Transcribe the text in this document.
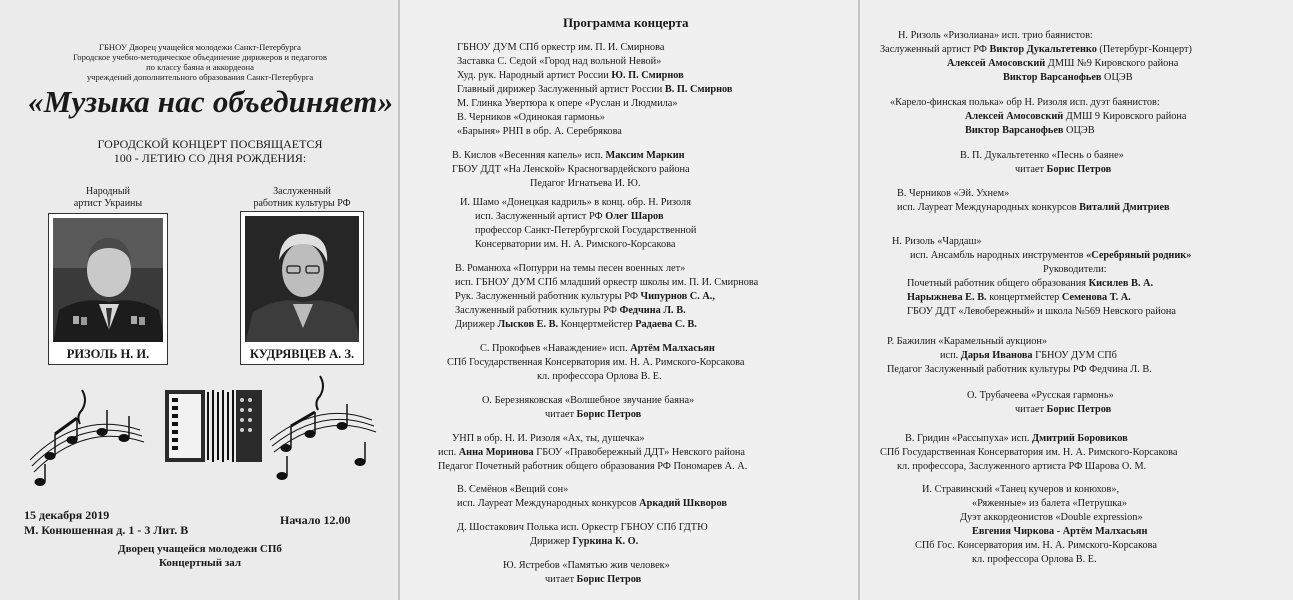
ГБНОУ Дворец учащейся молодежи Санкт-Петербурга
Городское учебно-методическое объединение дирижеров и педагогов
по классу баяна и аккордеона
учреждений дополнительного образования Санкт-Петербурга
«Музыка нас объединяет»
ГОРОДСКОЙ КОНЦЕРТ ПОСВЯЩАЕТСЯ
100 - ЛЕТИЮ СО ДНЯ РОЖДЕНИЯ:
Народный
артист Украины
РИЗОЛЬ Н. И.
Заслуженный
работник культуры РФ
КУДРЯВЦЕВ А. З.
15 декабря 2019
М. Конюшенная д. 1 - 3 Лит. В
Начало 12.00
Дворец учащейся молодежи СПб
Концертный зал
Программа концерта
ГБНОУ ДУМ СПб оркестр им. П. И. Смирнова
Заставка С. Седой «Город над вольной Невой»
Худ. рук. Народный артист России Ю. П. Смирнов
Главный дирижер Заслуженный артист России В. П. Смирнов
М. Глинка Увертюра к опере «Руслан и Людмила»
В. Черников «Одинокая гармонь»
«Барыня» РНП в обр. А. Серебрякова
В. Кислов «Весенняя капель» исп. Максим Маркин
ГБОУ ДДТ «На Ленской» Красногвардейского района
Педагог Игнатьева И. Ю.
И. Шамо «Донецкая кадриль» в конц. обр. Н. Ризоля
исп. Заслуженный артист РФ Олег Шаров
профессор Санкт-Петербургской Государственной
Консерватории им. Н. А. Римского-Корсакова
В. Романюха «Попурри на темы песен военных лет»
исп. ГБНОУ ДУМ СПб младший оркестр школы им. П. И. Смирнова
Рук. Заслуженный работник культуры РФ Чипурнов С. А.,
Заслуженный работник культуры РФ Федчина Л. В.
Дирижер Лысков Е. В. Концертмейстер Радаева С. В.
С. Прокофьев «Наваждение» исп. Артём Малхасьян
СПб Государственная Консерватория им. Н. А. Римского-Корсакова
кл. профессора Орлова В. Е.
О. Березняковская «Волшебное звучание баяна»
читает Борис Петров
УНП в обр. Н. И. Ризоля «Ах, ты, душечка»
исп. Анна Моринова ГБОУ «Правобережный ДДТ» Невского района
Педагог Почетный работник общего образования РФ Пономарев А. А.
В. Семёнов «Вещий сон»
исп. Лауреат Международных конкурсов Аркадий Шкворов
Д. Шостакович Полька исп. Оркестр ГБНОУ СПб ГДТЮ
Дирижер Гуркина К. О.
Ю. Ястребов «Памятью жив человек»
читает Борис Петров
Н. Ризоль «Ризолиана» исп. трио баянистов:
Заслуженный артист РФ Виктор Дукальтетенко (Петербург-Концерт)
Алексей Амосовский ДМШ №9 Кировского района
Виктор Варсанофьев ОЦЭВ
«Карело-финская полька» обр Н. Ризоля исп. дуэт баянистов:
Алексей Амосовский ДМШ 9 Кировского района
Виктор Варсанофьев ОЦЭВ
В. П. Дукальтетенко «Песнь о баяне»
читает Борис Петров
В. Черников «Эй. Ухнем»
исп. Лауреат Международных конкурсов Виталий Дмитриев
Н. Ризоль «Чардаш»
исп. Ансамбль народных инструментов «Серебряный родник»
Руководители:
Почетный работник общего образования Кисилев В. А.
Нарыжнева Е. В. концертмейстер Семенова Т. А.
ГБОУ ДДТ «Левобережный» и школа №569 Невского района
Р. Бажилин «Карамельный аукцион»
исп. Дарья Иванова ГБНОУ ДУМ СПб
Педагог Заслуженный работник культуры РФ Федчина Л. В.
О. Трубачеева «Русская гармонь»
читает Борис Петров
В. Гридин «Рассыпуха» исп. Дмитрий Боровиков
СПб Государственная Консерватория им. Н. А. Римского-Корсакова
кл. профессора, Заслуженного артиста РФ Шарова О. М.
И. Стравинский «Танец кучеров и конюхов»,
«Ряженные» из балета «Петрушка»
Дуэт аккордеонистов «Double expression»
Евгения Чиркова - Артём Малхасьян
СПб Гос. Консерватория им. Н. А. Римского-Корсакова
кл. профессора Орлова В. Е.
